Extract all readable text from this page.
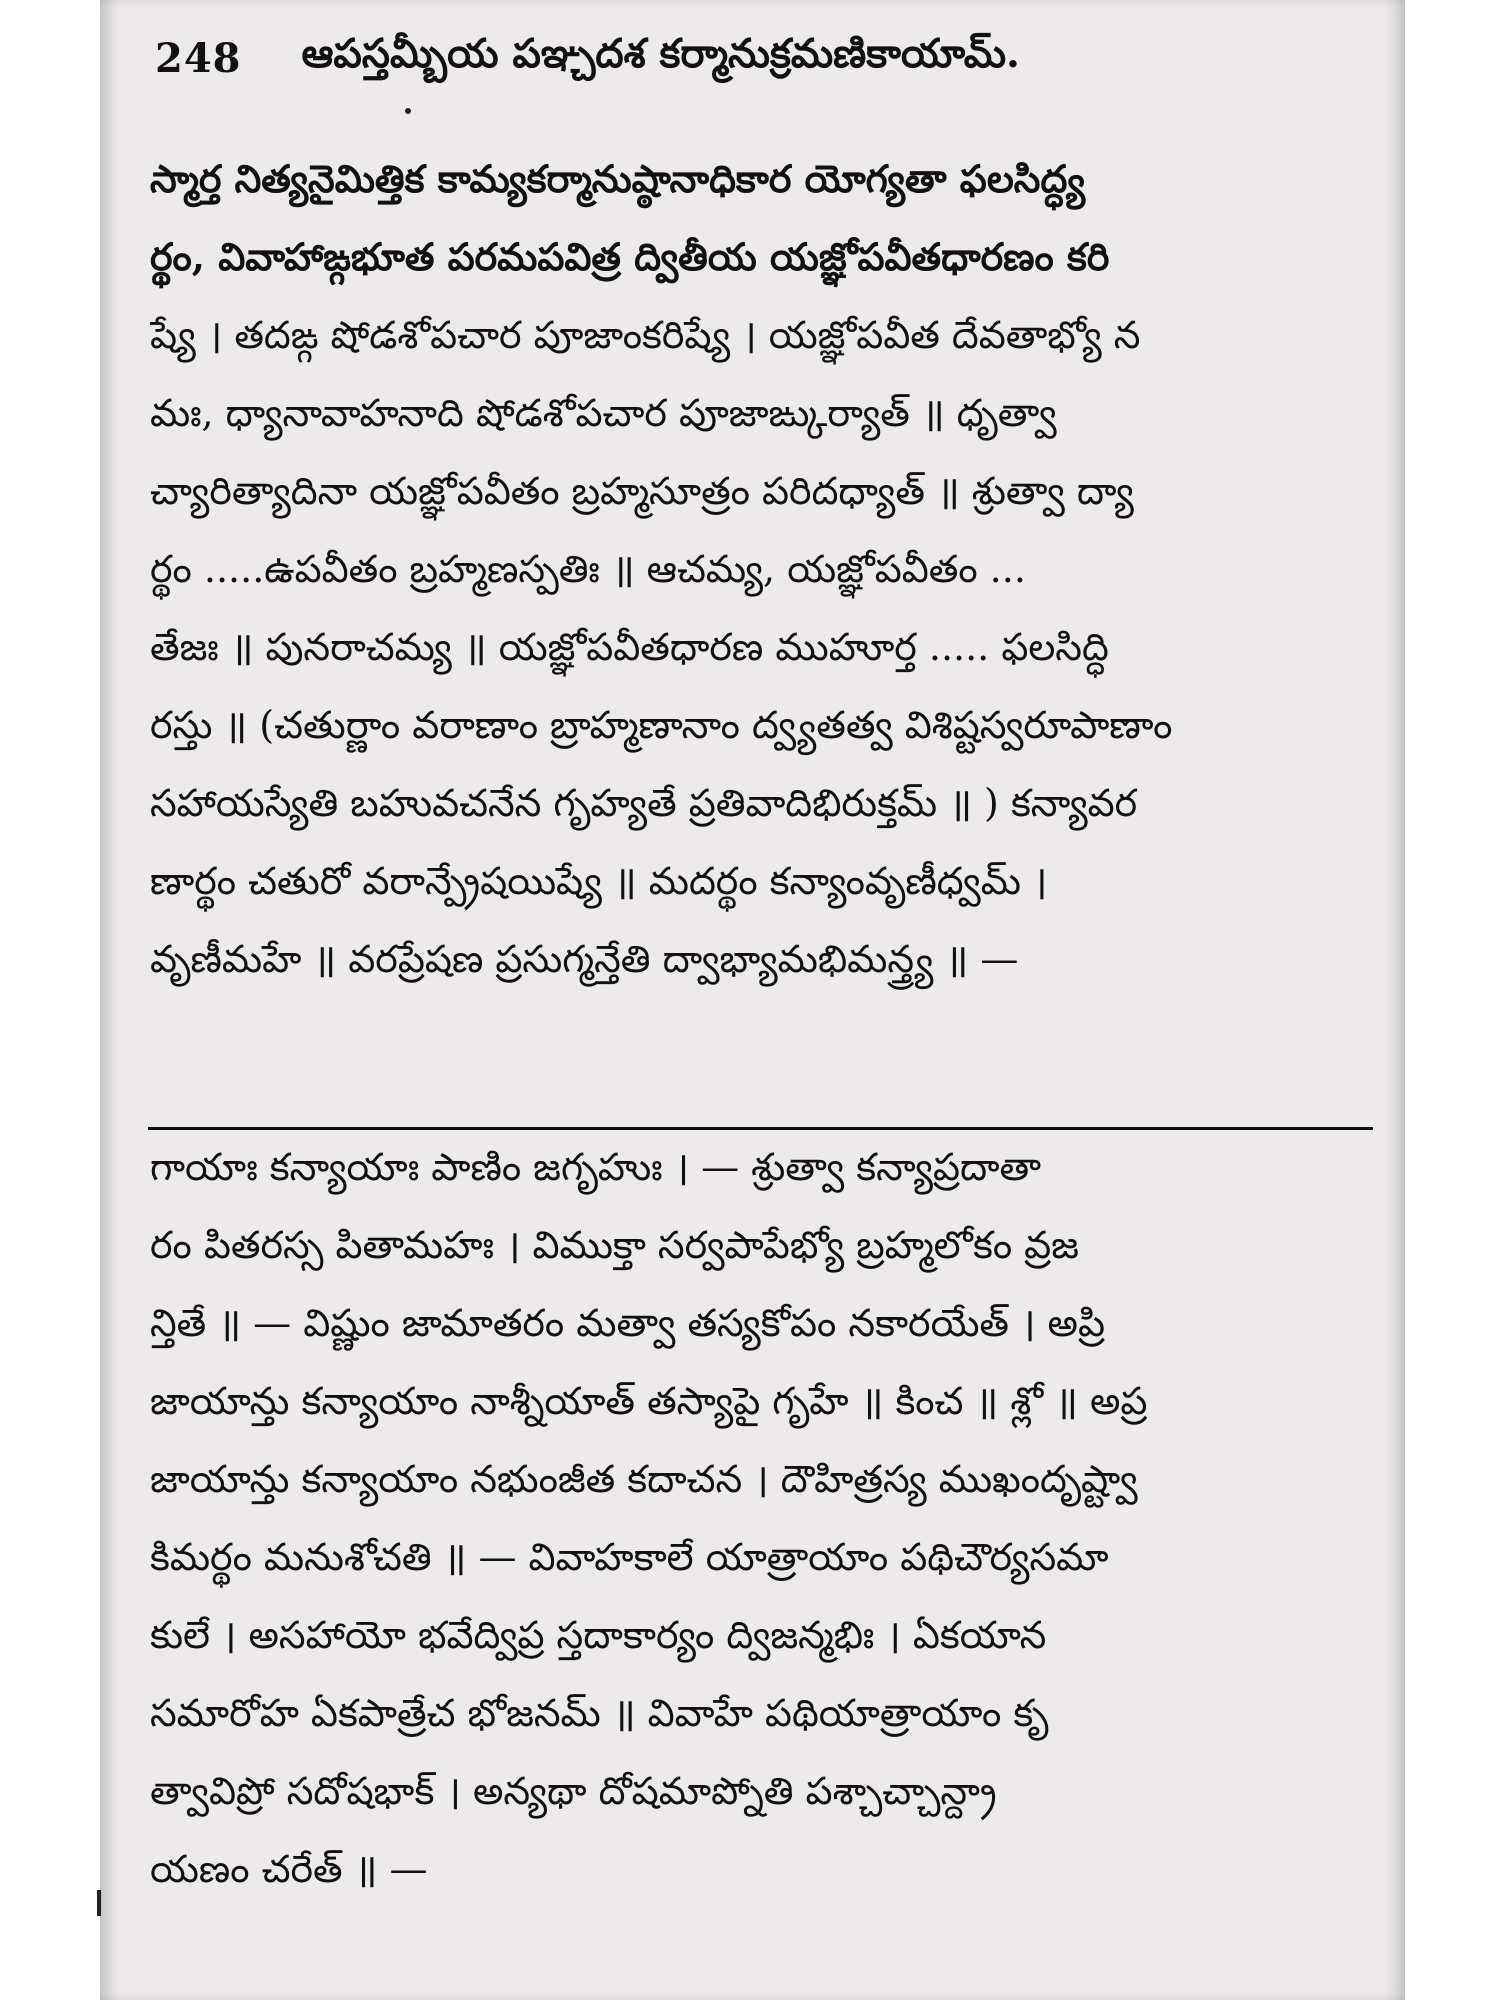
248 ఆపస్తమ్బీయ పఞ్చదశ కర్మానుక్రమణికాయామ్.
స్మార్త నిత్యనైమిత్తిక కామ్యకర్మానుష్ఠానాధికార యోగ్యతా ఫలసిద్ధ్య
ర్థం, వివాహాఙ్గభూత పరమపవిత్ర ద్వితీయ యజ్ఞోపవీతధారణం కరి
ష్యే । తదఙ్గ షోడశోపచార పూజాంకరిష్యే । యజ్ఞోపవీత దేవతాభ్యో న
మః, ధ్యానావాహనాది షోడశోపచార పూజాఙ్కుర్యాత్ ॥ ధృత్వా
చ్యారిత్యాదినా యజ్ఞోపవీతం బ్రహ్మసూత్రం పరిదధ్యాత్ ॥ శ్రుత్వా ద్యా
ర్థం .....ఉపవీతం బ్రహ్మణస్పతిః ॥ ఆచమ్య, యజ్ఞోపవీతం ...
తేజః ॥ పునరాచమ్య ॥ యజ్ఞోపవీతధారణ ముహూర్త ..... ఫలసిద్ధి
రస్తు ॥ (చతుర్ణాం వరాణాం బ్రాహ్మణానాం ద్వ్యతత్వ విశిష్టస్వరూపాణాం
సహాయస్యేతి బహువచనేన గృహ్యతే ప్రతివాదిభిరుక్తమ్ ॥ ) కన్యావర
ణార్థం చతురో వరాన్ప్రేషయిష్యే ॥ మదర్థం కన్యాంవృణీధ్వమ్ ।
వృణీమహే ॥ వరప్రేషణ ప్రసుగ్మన్తేతి ద్వాభ్యామభిమన్త్ర్య ॥ —
గాయాః కన్యాయాః పాణిం జగృహుః । — శ్రుత్వా కన్యాప్రదాతా
రం పితరస్స పితామహః । విముక్తా సర్వపాపేభ్యో బ్రహ్మలోకం వ్రజ
న్తితే ॥ — విష్ణుం జామాతరం మత్వా తస్యకోపం నకారయేత్ । అప్రి
జాయాన్తు కన్యాయాం నాశ్నీయాత్ తస్యాపై గృహే ॥ కించ ॥ శ్లో ॥ అప్ర
జాయాన్తు కన్యాయాం నభుంజీత కదాచన । దౌహిత్రస్య ముఖందృష్ట్వా
కిమర్థం మనుశోచతి ॥ — వివాహకాలే యాత్రాయాం పథిచౌర్యసమా
కులే । అసహాయో భవేద్విప్ర స్తదాకార్యం ద్విజన్మభిః । ఏకయాన
సమారోహ ఏకపాత్రేచ భోజనమ్ ॥ వివాహే పథియాత్రాయాం కృ
త్వావిప్రో సదోషభాక్ । అన్యథా దోషమాప్నోతి పశ్చాచ్చాన్ద్రా
యణం చరేత్ ॥ —
